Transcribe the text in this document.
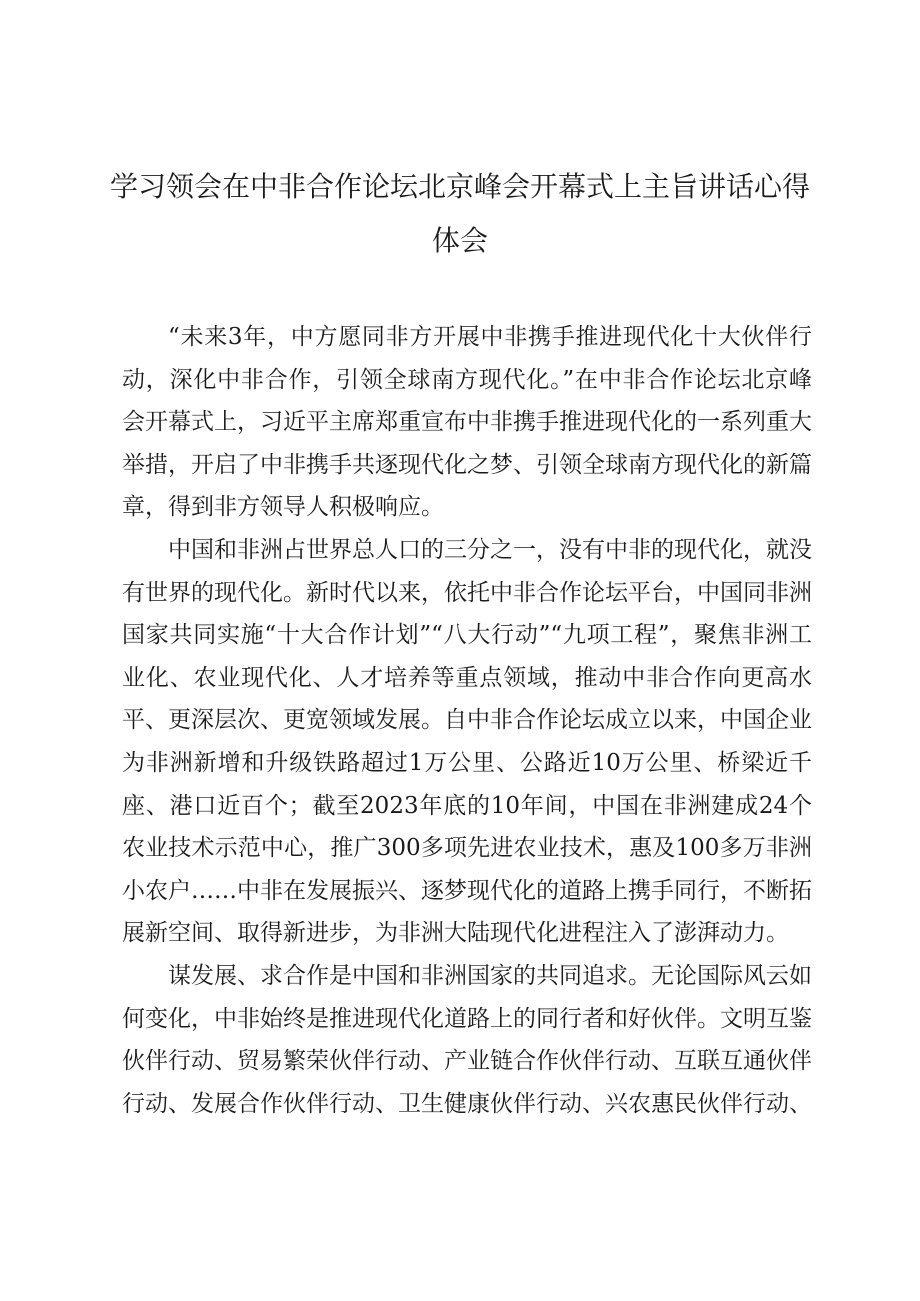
学习领会在中非合作论坛北京峰会开幕式上主旨讲话心得体会

“未来3年，中方愿同非方开展中非携手推进现代化十大伙伴行动，深化中非合作，引领全球南方现代化。”在中非合作论坛北京峰会开幕式上，习近平主席郑重宣布中非携手推进现代化的一系列重大举措，开启了中非携手共逐现代化之梦、引领全球南方现代化的新篇章，得到非方领导人积极响应。

中国和非洲占世界总人口的三分之一，没有中非的现代化，就没有世界的现代化。新时代以来，依托中非合作论坛平台，中国同非洲国家共同实施“十大合作计划”“八大行动”“九项工程”，聚焦非洲工业化、农业现代化、人才培养等重点领域，推动中非合作向更高水平、更深层次、更宽领域发展。自中非合作论坛成立以来，中国企业为非洲新增和升级铁路超过1万公里、公路近10万公里、桥梁近千座、港口近百个；截至2023年底的10年间，中国在非洲建成24个农业技术示范中心，推广300多项先进农业技术，惠及100多万非洲小农户……中非在发展振兴、逐梦现代化的道路上携手同行，不断拓展新空间、取得新进步，为非洲大陆现代化进程注入了澎湃动力。

谋发展、求合作是中国和非洲国家的共同追求。无论国际风云如何变化，中非始终是推进现代化道路上的同行者和好伙伴。文明互鉴伙伴行动、贸易繁荣伙伴行动、产业链合作伙伴行动、互联互通伙伴行动、发展合作伙伴行动、卫生健康伙伴行动、兴农惠民伙伴行动、
